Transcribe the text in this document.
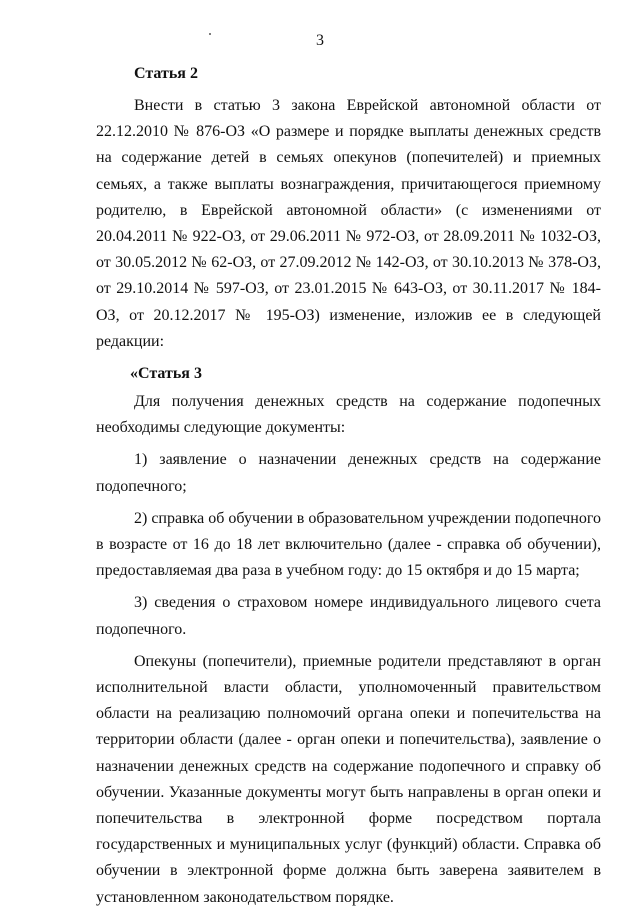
3

Статья 2

Внести в статью 3 закона Еврейской автономной области от 22.12.2010 № 876-ОЗ «О размере и порядке выплаты денежных средств на содержание детей в семьях опекунов (попечителей) и приемных семьях, а также выплаты вознаграждения, причитающегося приемному родителю, в Еврейской автономной области» (с изменениями от 20.04.2011 № 922-ОЗ, от 29.06.2011 № 972-ОЗ, от 28.09.2011 № 1032-ОЗ, от 30.05.2012 № 62-ОЗ, от 27.09.2012 № 142-ОЗ, от 30.10.2013 № 378-ОЗ, от 29.10.2014 № 597-ОЗ, от 23.01.2015 № 643-ОЗ, от 30.11.2017 № 184-ОЗ, от 20.12.2017 № 195-ОЗ) изменение, изложив ее в следующей редакции:

«Статья 3

Для получения денежных средств на содержание подопечных необходимы следующие документы:

1) заявление о назначении денежных средств на содержание подопечного;

2) справка об обучении в образовательном учреждении подопечного в возрасте от 16 до 18 лет включительно (далее - справка об обучении), предоставляемая два раза в учебном году: до 15 октября и до 15 марта;

3) сведения о страховом номере индивидуального лицевого счета подопечного.

Опекуны (попечители), приемные родители представляют в орган исполнительной власти области, уполномоченный правительством области на реализацию полномочий органа опеки и попечительства на территории области (далее - орган опеки и попечительства), заявление о назначении денежных средств на содержание подопечного и справку об обучении. Указанные документы могут быть направлены в орган опеки и попечительства в электронной форме посредством портала государственных и муниципальных услуг (функций) области. Справка об обучении в электронной форме должна быть заверена заявителем в установленном законодательством порядке.
